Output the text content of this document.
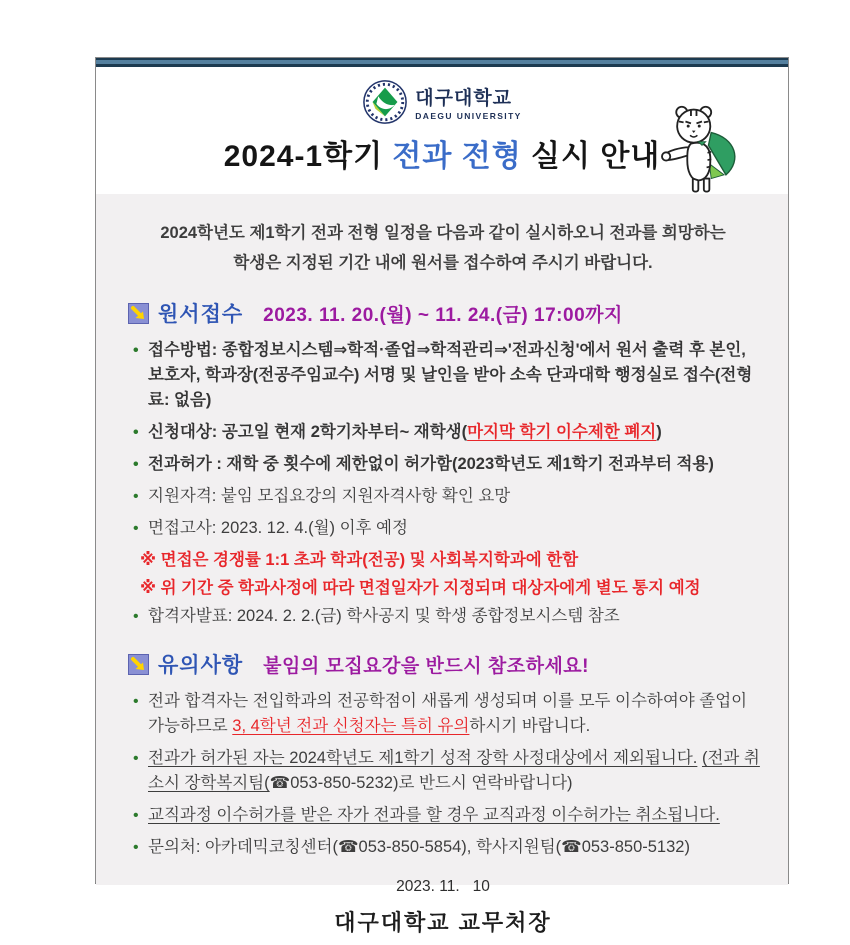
대구대학교
DAEGU UNIVERSITY
2024-1학기 전과 전형 실시 안내
2024학년도 제1학기 전과 전형 일정을 다음과 같이 실시하오니 전과를 희망하는
학생은 지정된 기간 내에 원서를 접수하여 주시기 바랍니다.
원서접수 2023. 11. 20.(월) ~ 11. 24.(금) 17:00까지
• 접수방법: 종합정보시스템⇒학적·졸업⇒학적관리⇒'전과신청'에서 원서 출력 후 본인, 보호자, 학과장(전공주임교수) 서명 및 날인을 받아 소속 단과대학 행정실로 접수(전형료: 없음)
• 신청대상: 공고일 현재 2학기차부터~ 재학생(마지막 학기 이수제한 폐지)
• 전과허가 : 재학 중 횟수에 제한없이 허가함(2023학년도 제1학기 전과부터 적용)
• 지원자격: 붙임 모집요강의 지원자격사항 확인 요망
• 면접고사: 2023. 12. 4.(월) 이후 예정
※ 면접은 경쟁률 1:1 초과 학과(전공) 및 사회복지학과에 한함
※ 위 기간 중 학과사정에 따라 면접일자가 지정되며 대상자에게 별도 통지 예정
• 합격자발표: 2024. 2. 2.(금) 학사공지 및 학생 종합정보시스템 참조
유의사항 붙임의 모집요강을 반드시 참조하세요!
• 전과 합격자는 전입학과의 전공학점이 새롭게 생성되며 이를 모두 이수하여야 졸업이 가능하므로 3, 4학년 전과 신청자는 특히 유의하시기 바랍니다.
• 전과가 허가된 자는 2024학년도 제1학기 성적 장학 사정대상에서 제외됩니다. (전과 취소시 장학복지팀(☎053-850-5232)로 반드시 연락바랍니다)
• 교직과정 이수허가를 받은 자가 전과를 할 경우 교직과정 이수허가는 취소됩니다.
• 문의처: 아카데믹코칭센터(☎053-850-5854), 학사지원팀(☎053-850-5132)
2023. 11.   10
대구대학교 교무처장
